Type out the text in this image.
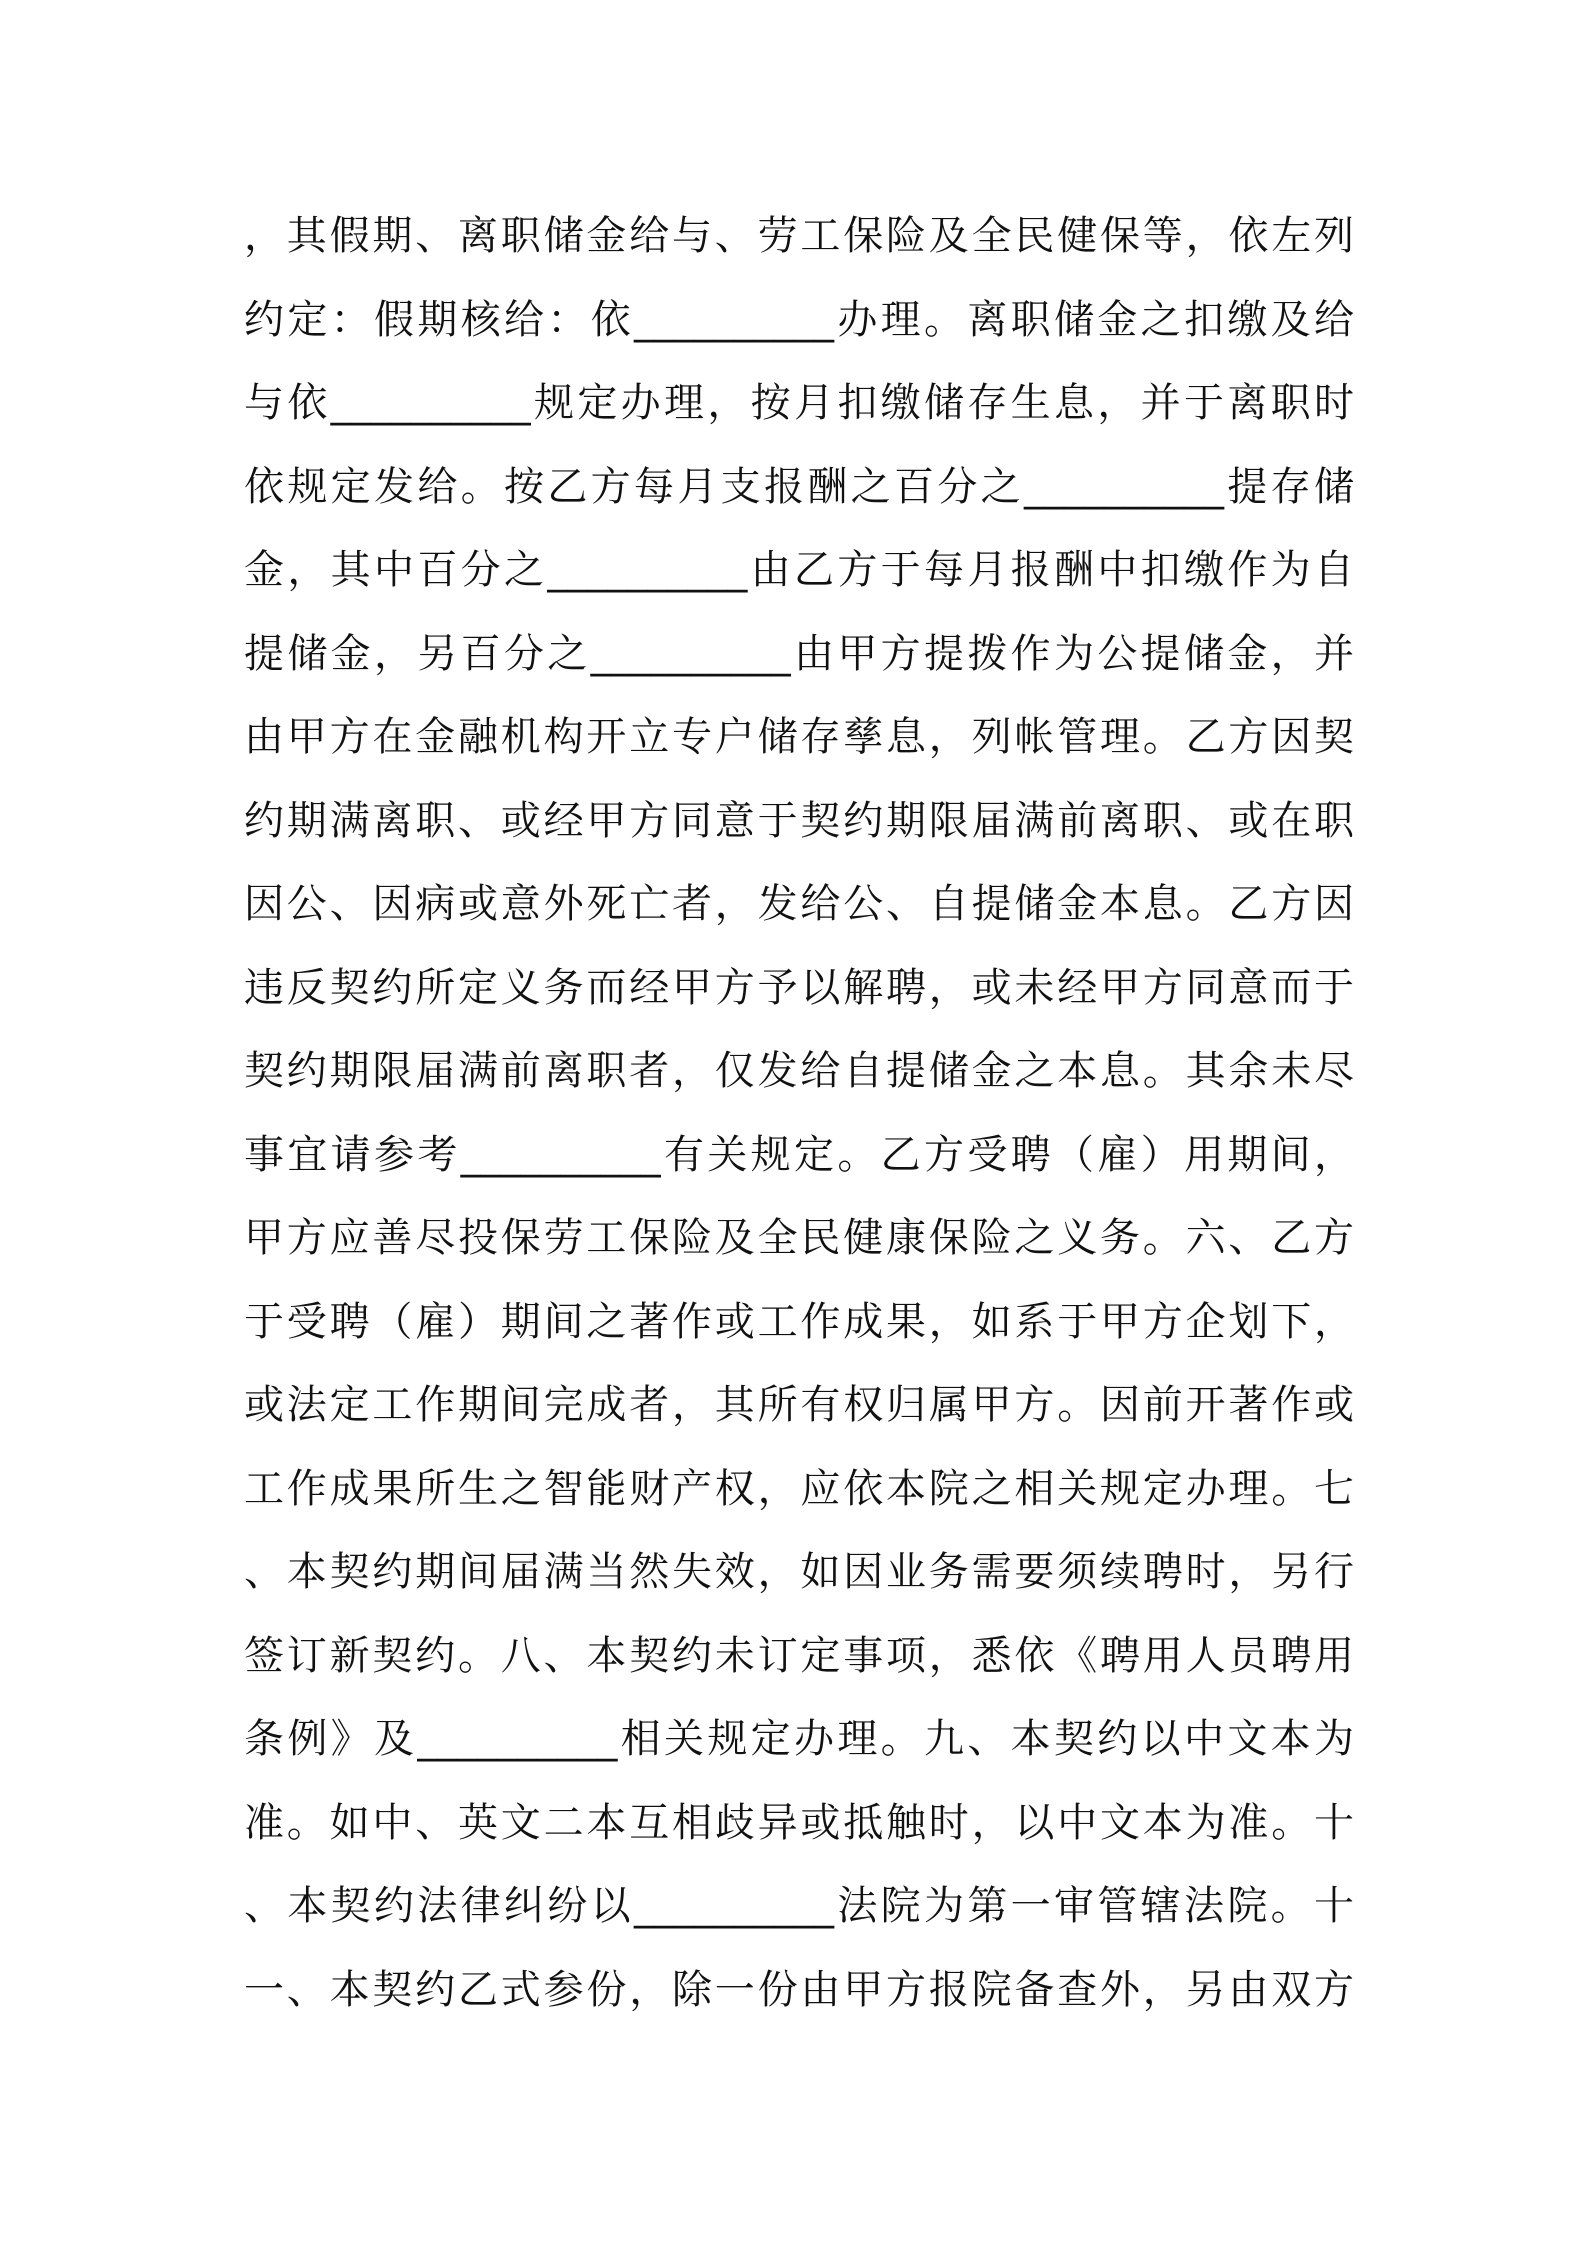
，其假期、离职储金给与、劳工保险及全民健保等，依左列
约定：假期核给：依__________办理。离职储金之扣缴及给
与依__________规定办理，按月扣缴储存生息，并于离职时
依规定发给。按乙方每月支报酬之百分之__________提存储
金，其中百分之__________由乙方于每月报酬中扣缴作为自
提储金，另百分之__________由甲方提拨作为公提储金，并
由甲方在金融机构开立专户储存孳息，列帐管理。乙方因契
约期满离职、或经甲方同意于契约期限届满前离职、或在职
因公、因病或意外死亡者，发给公、自提储金本息。乙方因
违反契约所定义务而经甲方予以解聘，或未经甲方同意而于
契约期限届满前离职者，仅发给自提储金之本息。其余未尽
事宜请参考__________有关规定。乙方受聘（雇）用期间，
甲方应善尽投保劳工保险及全民健康保险之义务。六、乙方
于受聘（雇）期间之著作或工作成果，如系于甲方企划下，
或法定工作期间完成者，其所有权归属甲方。因前开著作或
工作成果所生之智能财产权，应依本院之相关规定办理。七
、本契约期间届满当然失效，如因业务需要须续聘时，另行
签订新契约。八、本契约未订定事项，悉依《聘用人员聘用
条例》及__________相关规定办理。九、本契约以中文本为
准。如中、英文二本互相歧异或抵触时，以中文本为准。十
、本契约法律纠纷以__________法院为第一审管辖法院。十
一、本契约乙式参份，除一份由甲方报院备查外，另由双方
